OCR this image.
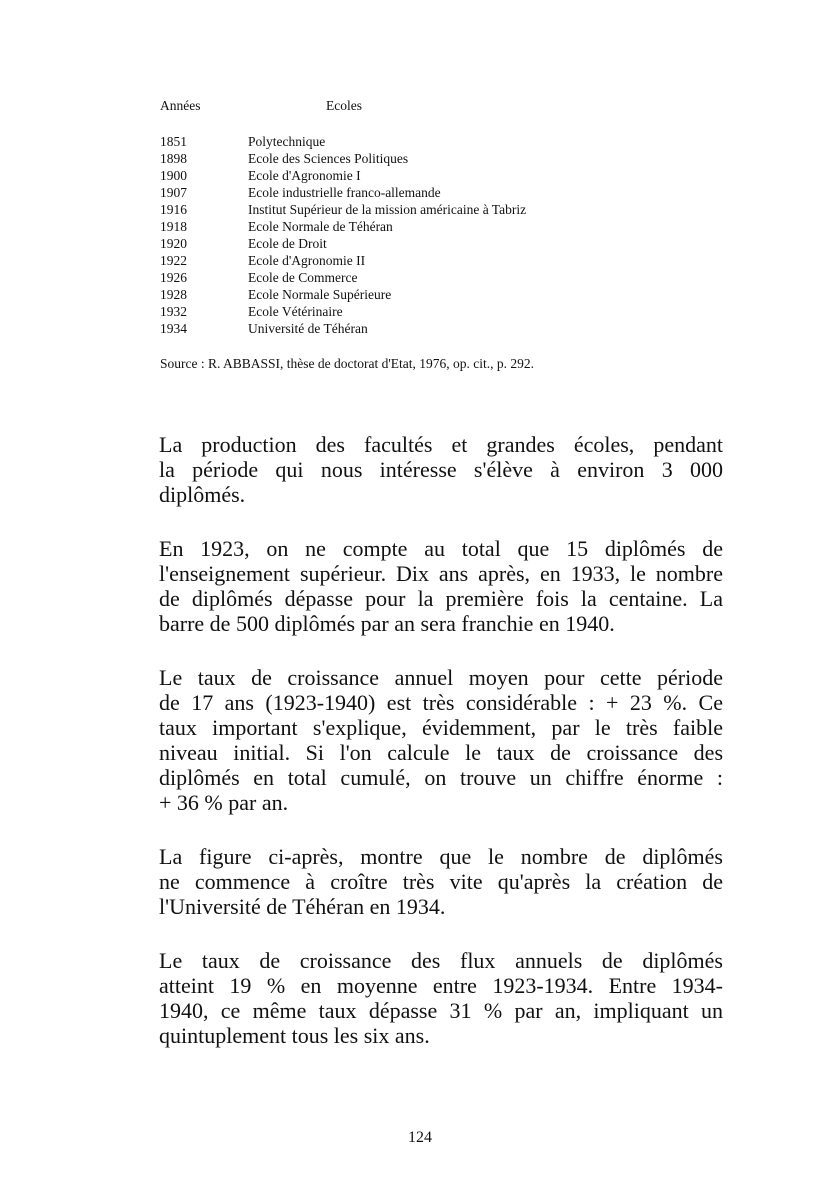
Années	Ecoles
1851	Polytechnique
1898	Ecole des Sciences Politiques
1900	Ecole d'Agronomie I
1907	Ecole industrielle franco-allemande
1916	Institut Supérieur de la mission américaine à Tabriz
1918	Ecole Normale de Téhéran
1920	Ecole de Droit
1922	Ecole d'Agronomie II
1926	Ecole de Commerce
1928	Ecole Normale Supérieure
1932	Ecole Vétérinaire
1934	Université de Téhéran
Source : R. ABBASSI, thèse de doctorat d'Etat, 1976, op. cit., p. 292.

La production des facultés et grandes écoles, pendant
la période qui nous intéresse s'élève à environ 3 000
diplômés.

En 1923, on ne compte au total que 15 diplômés de
l'enseignement supérieur. Dix ans après, en 1933, le nombre
de diplômés dépasse pour la première fois la centaine. La
barre de 500 diplômés par an sera franchie en 1940.

Le taux de croissance annuel moyen pour cette période
de 17 ans (1923-1940) est très considérable : + 23 %. Ce
taux important s'explique, évidemment, par le très faible
niveau initial. Si l'on calcule le taux de croissance des
diplômés en total cumulé, on trouve un chiffre énorme :
+ 36 % par an.

La figure ci-après, montre que le nombre de diplômés
ne commence à croître très vite qu'après la création de
l'Université de Téhéran en 1934.

Le taux de croissance des flux annuels de diplômés
atteint 19 % en moyenne entre 1923-1934. Entre 1934-
1940, ce même taux dépasse 31 % par an, impliquant un
quintuplement tous les six ans.

124
